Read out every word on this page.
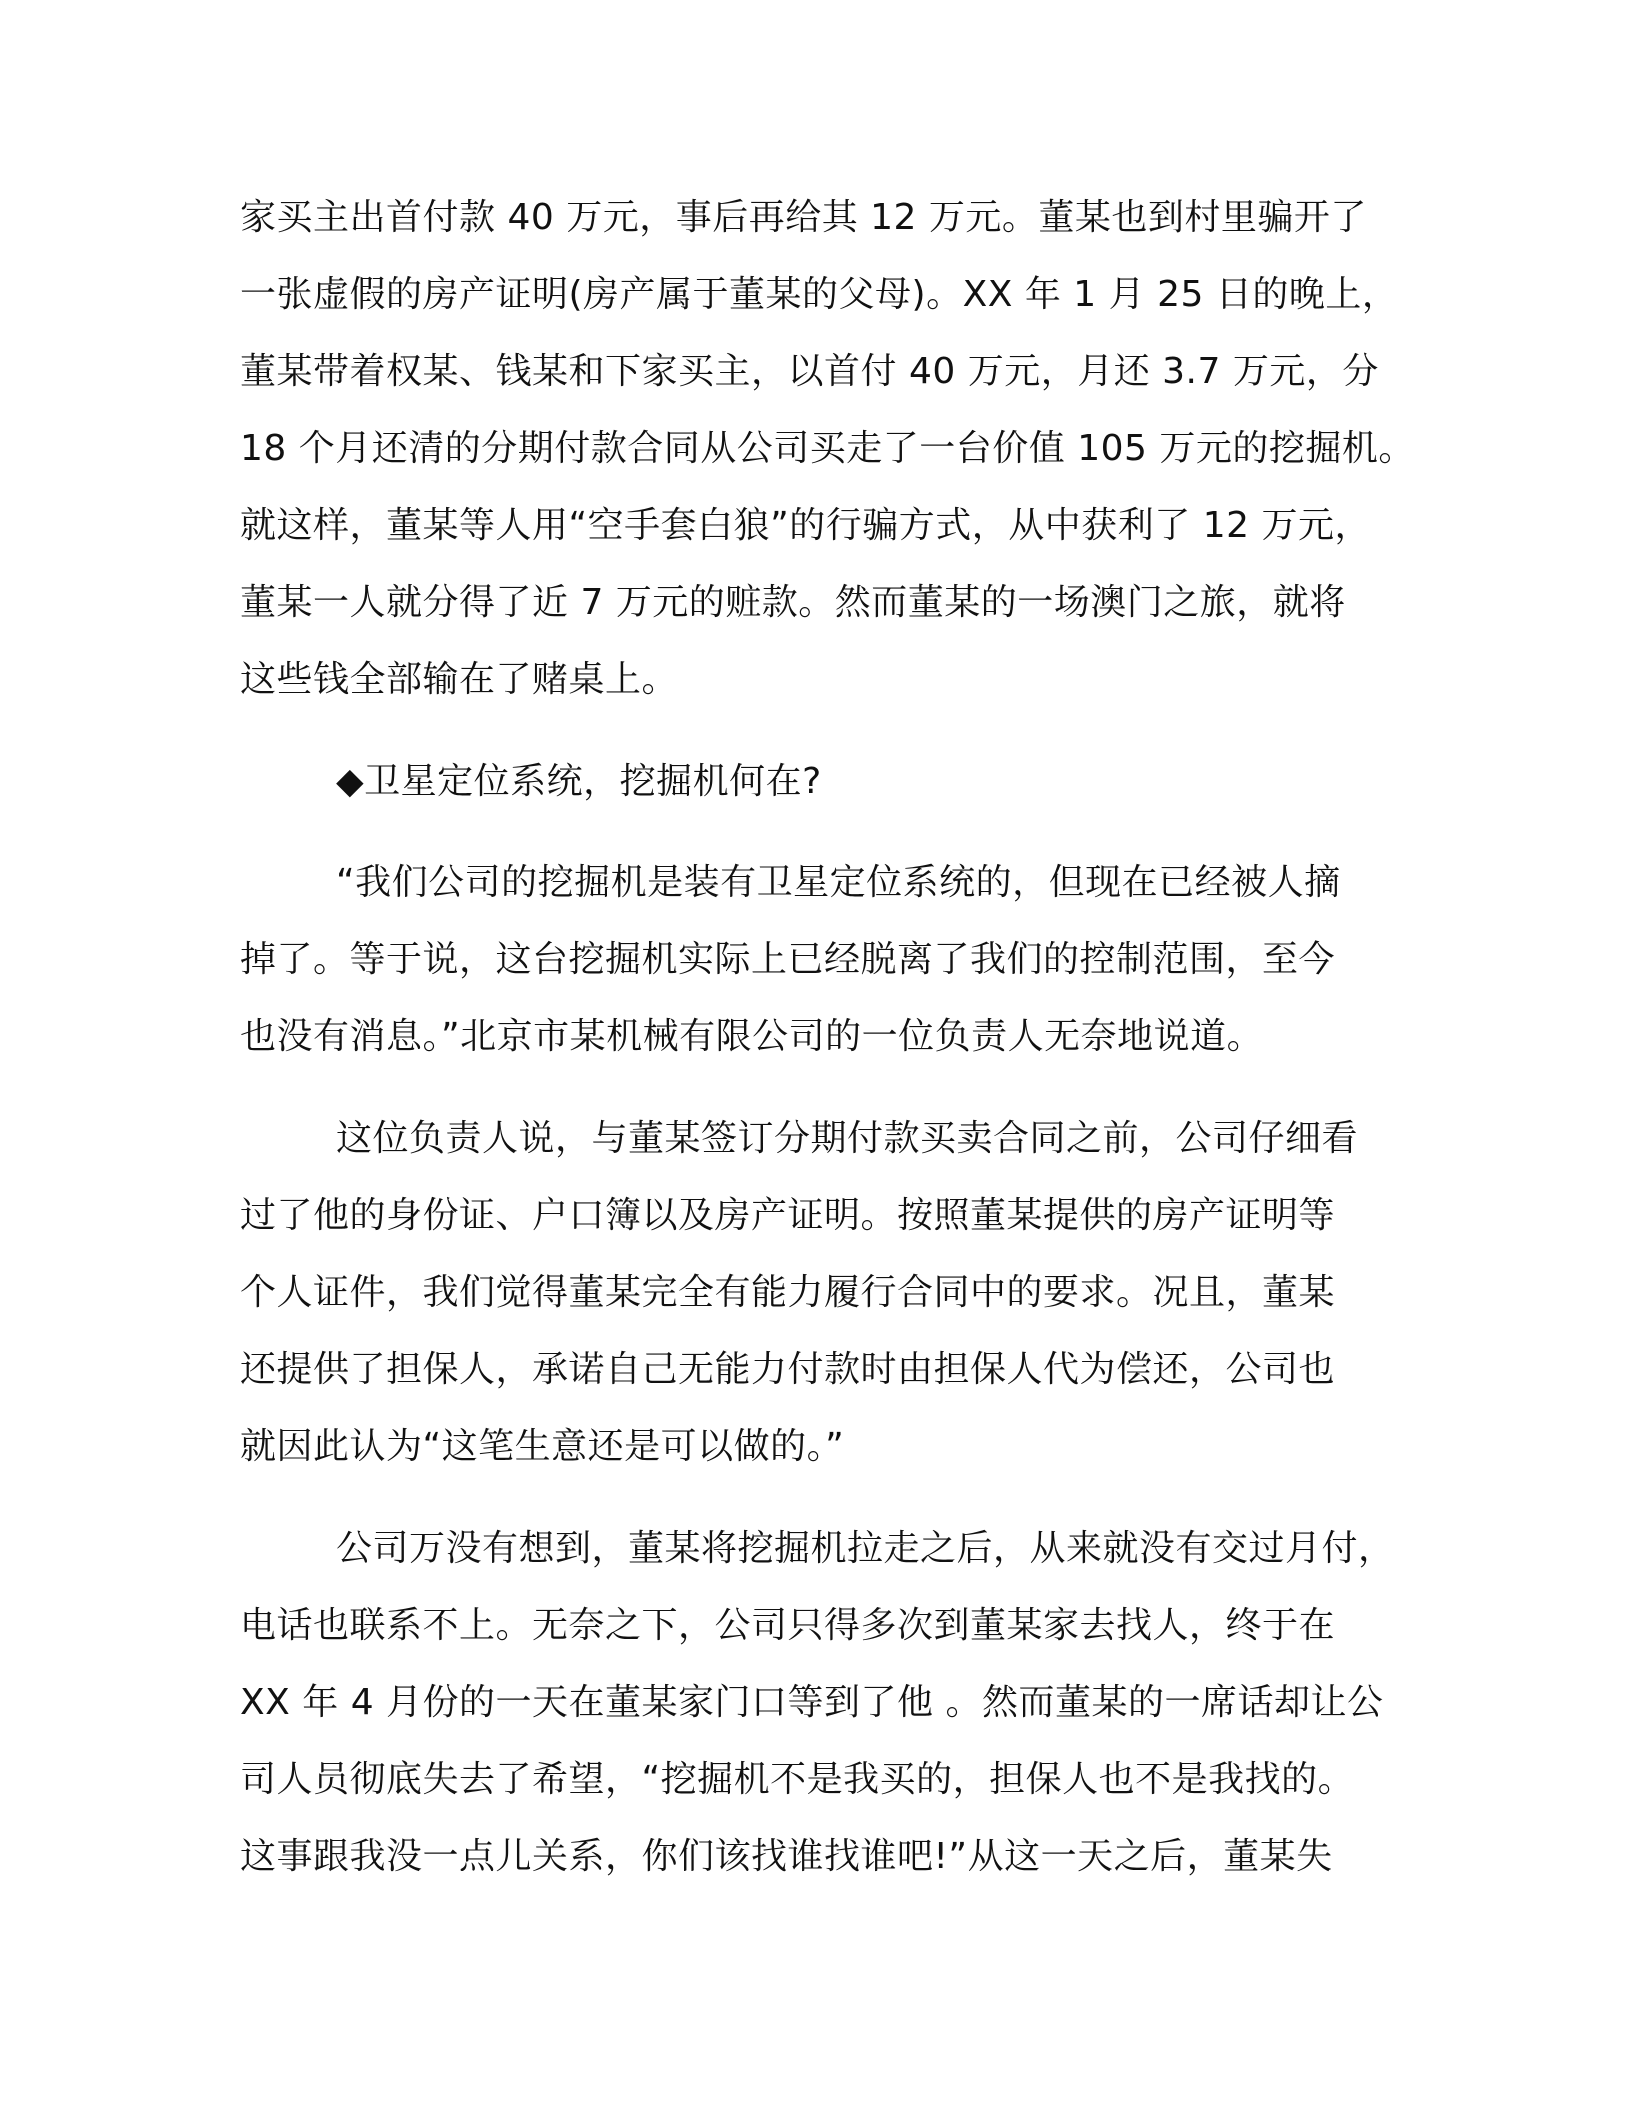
家买主出首付款 40 万元，事后再给其 12 万元。董某也到村里骗开了
一张虚假的房产证明(房产属于董某的父母)。XX 年 1 月 25 日的晚上，
董某带着权某、钱某和下家买主，以首付 40 万元，月还 3.7 万元，分
18 个月还清的分期付款合同从公司买走了一台价值 105 万元的挖掘机。
就这样，董某等人用“空手套白狼”的行骗方式，从中获利了 12 万元，
董某一人就分得了近 7 万元的赃款。然而董某的一场澳门之旅，就将
这些钱全部输在了赌桌上。
◆卫星定位系统，挖掘机何在?
“我们公司的挖掘机是装有卫星定位系统的，但现在已经被人摘
掉了。等于说，这台挖掘机实际上已经脱离了我们的控制范围，至今
也没有消息。”北京市某机械有限公司的一位负责人无奈地说道。
这位负责人说，与董某签订分期付款买卖合同之前，公司仔细看
过了他的身份证、户口簿以及房产证明。按照董某提供的房产证明等
个人证件，我们觉得董某完全有能力履行合同中的要求。况且，董某
还提供了担保人，承诺自己无能力付款时由担保人代为偿还，公司也
就因此认为“这笔生意还是可以做的。”
公司万没有想到，董某将挖掘机拉走之后，从来就没有交过月付，
电话也联系不上。无奈之下，公司只得多次到董某家去找人，终于在
XX 年 4 月份的一天在董某家门口等到了他 。然而董某的一席话却让公
司人员彻底失去了希望，“挖掘机不是我买的，担保人也不是我找的。
这事跟我没一点儿关系，你们该找谁找谁吧!”从这一天之后，董某失
